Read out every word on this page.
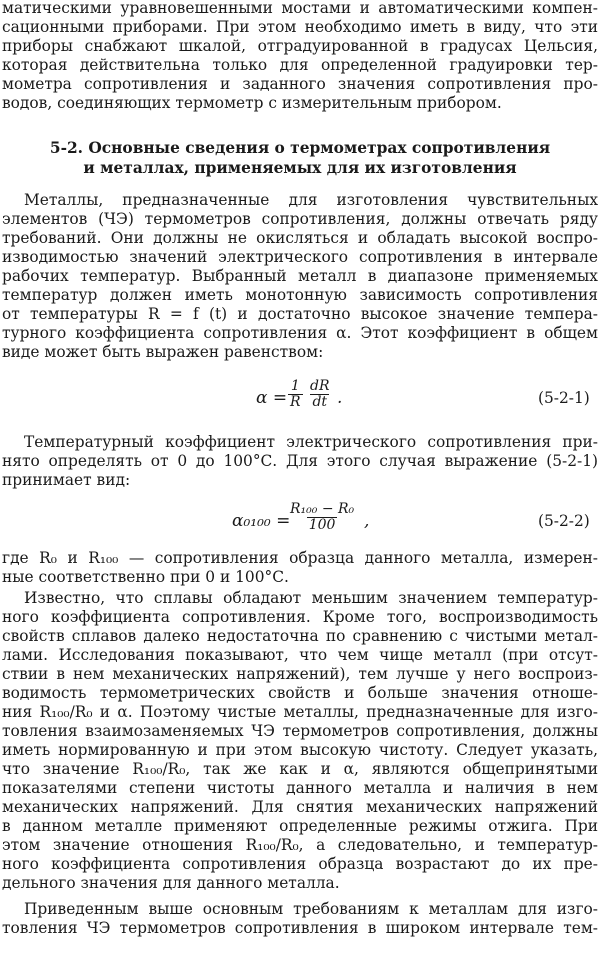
матическими уравновешенными мостами и автоматическими компен-
сационными приборами. При этом необходимо иметь в виду, что эти
приборы снабжают шкалой, отградуированной в градусах Цельсия,
которая действительна только для определенной градуировки тер-
мометра сопротивления и заданного значения сопротивления про-
водов, соединяющих термометр с измерительным прибором.
5-2. Основные сведения о термометрах сопротивления
и металлах, применяемых для их изготовления
Металлы, предназначенные для изготовления чувствительных
элементов (ЧЭ) термометров сопротивления, должны отвечать ряду
требований. Они должны не окисляться и обладать высокой воспро-
изводимостью значений электрического сопротивления в интервале
рабочих температур. Выбранный металл в диапазоне применяемых
температур должен иметь монотонную зависимость сопротивления
от температуры R = f (t) и достаточно высокое значение темпера-
турного коэффициента сопротивления α. Этот коэффициент в общем
виде может быть выражен равенством:
$\alpha = \frac{1}{R} \frac{dR}{dt}$ .	(5-2-1)
Температурный коэффициент электрического сопротивления при-
нято определять от 0 до 100°С. Для этого случая выражение (5-2-1)
принимает вид:
α₀₁₀₀ =
$\frac{\text{R₁₀₀ − R₀}}{100}$ ,	(5-2-2)
где R₀ и R₁₀₀ — сопротивления образца данного металла, измерен-
ные соответственно при 0 и 100°С.
Известно, что сплавы обладают меньшим значением температур-
ного коэффициента сопротивления. Кроме того, воспроизводимость
свойств сплавов далеко недостаточна по сравнению с чистыми метал-
лами. Исследования показывают, что чем чище металл (при отсут-
ствии в нем механических напряжений), тем лучше у него воспроиз-
водимость термометрических свойств и больше значения отноше-
ния R₁₀₀/R₀ и α. Поэтому чистые металлы, предназначенные для изго-
товления взаимозаменяемых ЧЭ термометров сопротивления, должны
иметь нормированную и при этом высокую чистоту. Следует указать,
что значение R₁₀₀/R₀, так же как и α, являются общепринятыми
показателями степени чистоты данного металла и наличия в нем
механических напряжений. Для снятия механических напряжений
в данном металле применяют определенные режимы отжига. При
этом значение отношения R₁₀₀/R₀, а следовательно, и температур-
ного коэффициента сопротивления образца возрастают до их пре-
дельного значения для данного металла.
Приведенным выше основным требованиям к металлам для изго-
товления ЧЭ термометров сопротивления в широком интервале тем-
